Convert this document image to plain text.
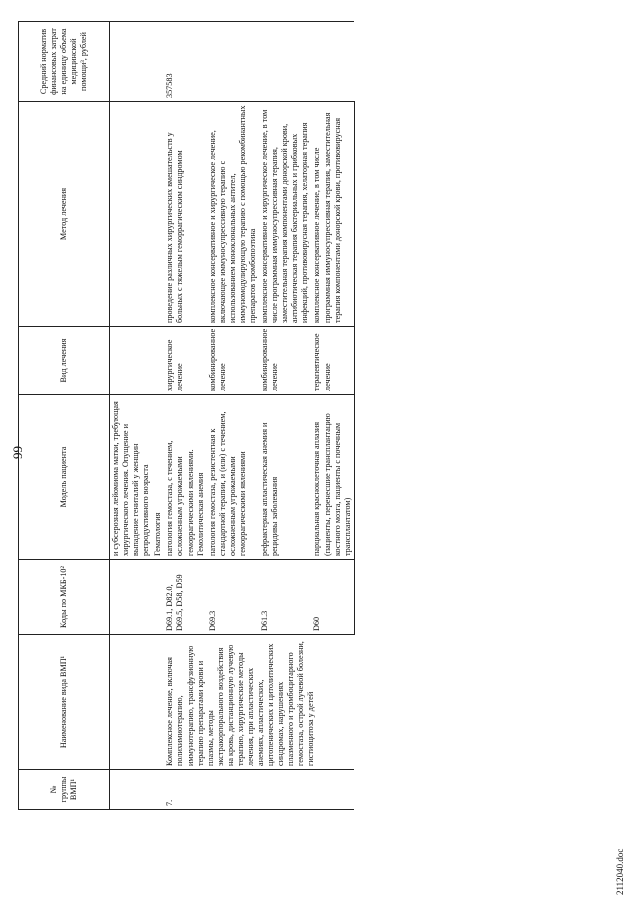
99
№ группы ВМП¹	Наименование вида ВМП¹	Коды по МКБ-10²	Модель пациента	Вид лечения	Метод лечения	Средний норматив финансовых затрат на единицу объема медицинской помощи³, рублей
			и субсерозная лейомиома матки, требующая хирургического лечения. Опущение и выпадение гениталий у женщин репродуктивного возраста			
			Гематология			
7.	Комплексное лечение, включая полихимиотерапию, иммунотерапию, трансфузионную терапию препаратами крови и плазмы, методы экстракорпорального воздействия на кровь, дистанционную лучевую терапию, хирургические методы лечения, при апластических анемиях, апластических, цитопенических и цитолитических синдромах, нарушениях плазменного и тромбоцитарного гемостаза, острой лучевой болезни, гистиоцитоза у детей	D69.1, D82.0, D69.5, D58, D59	патология гемостаза, с течением, осложненным угрожаемыми геморрагическими явлениями. Гемолитическая анемия	хирургическое лечение	проведение различных хирургических вмешательств у больных с тяжелым геморрагическим синдромом	357583
		D69.3	патология гемостаза, резистентная к стандартной терапии, и (или) с течением, осложненным угрожаемыми геморрагическими явлениями	комбинированное лечение	комплексное консервативное и хирургическое лечение, включающее иммуносупрессивную терапию с использованием моноклональных антител, иммуномодулирующую терапию с помощью рекомбинантных препаратов тромбопоэтина	
		D61.3	рефрактерная апластическая анемия и рецидивы заболевания	комбинированное лечение	комплексное консервативное и хирургическое лечение, в том числе программная иммуносупрессивная терапия, заместительная терапия компонентами донорской крови, антибиотическая терапия бактериальных и грибковых инфекций, противовирусная терапия, хелаторная терапия	
		D60	парциальная красноклеточная аплазия (пациенты, перенесшие трансплантацию костного мозга, пациенты с почечным трансплантатом)	терапевтическое лечение	комплексное консервативное лечение, в том числе программная иммуносупрессивная терапия, заместительная терапия компонентами донорской крови, противовирусная	
2112040.doc
